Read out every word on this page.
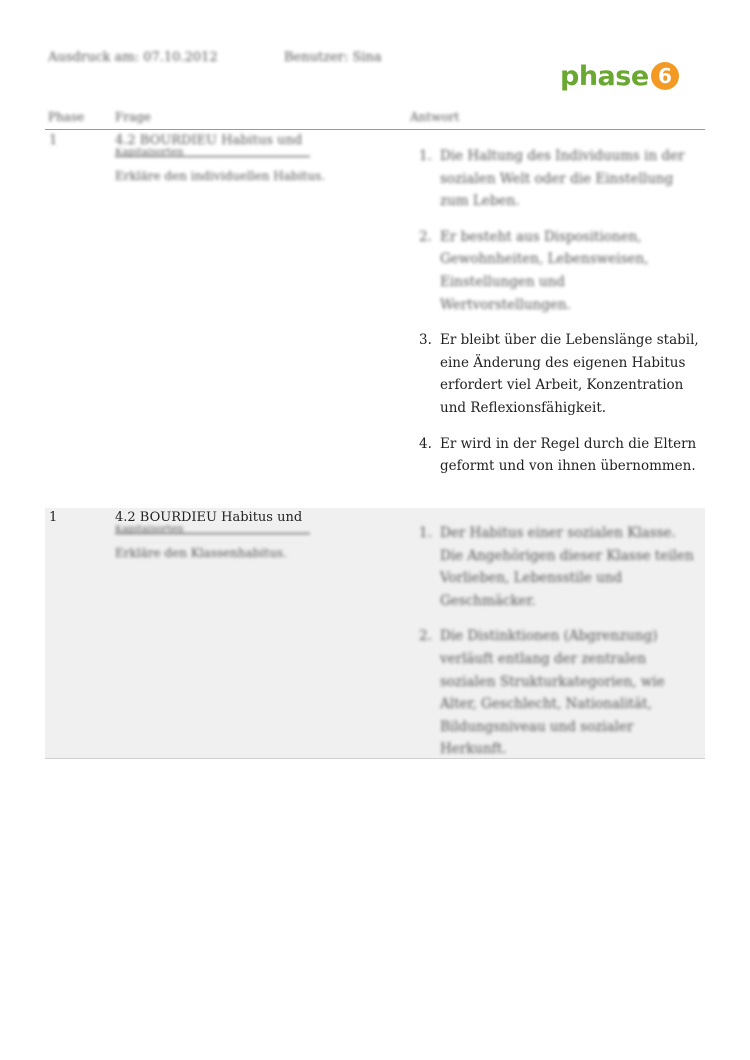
Ausdruck am: 07.10.2012	Benutzer: Sina
phase 6
Phase	Frage	Antwort
1	4.2 BOURDIEU Habitus und
Kapitalsorten
Erkläre den individuellen Habitus.
1. Die Haltung des Individuums in der sozialen Welt oder die Einstellung zum Leben.
2. Er besteht aus Dispositionen, Gewohnheiten, Lebensweisen, Einstellungen und Wertvorstellungen.
3. Er bleibt über die Lebenslänge stabil, eine Änderung des eigenen Habitus erfordert viel Arbeit, Konzentration und Reflexionsfähigkeit.
4. Er wird in der Regel durch die Eltern geformt und von ihnen übernommen.
1	4.2 BOURDIEU Habitus und
Kapitalsorten
Erkläre den Klassenhabitus.
1. Der Habitus einer sozialen Klasse. Die Angehörigen dieser Klasse teilen Vorlieben, Lebensstile und Geschmäcker.
2. Die Distinktionen (Abgrenzung) verläuft entlang der zentralen sozialen Strukturkategorien, wie Alter, Geschlecht, Nationalität, Bildungsniveau und sozialer Herkunft.
